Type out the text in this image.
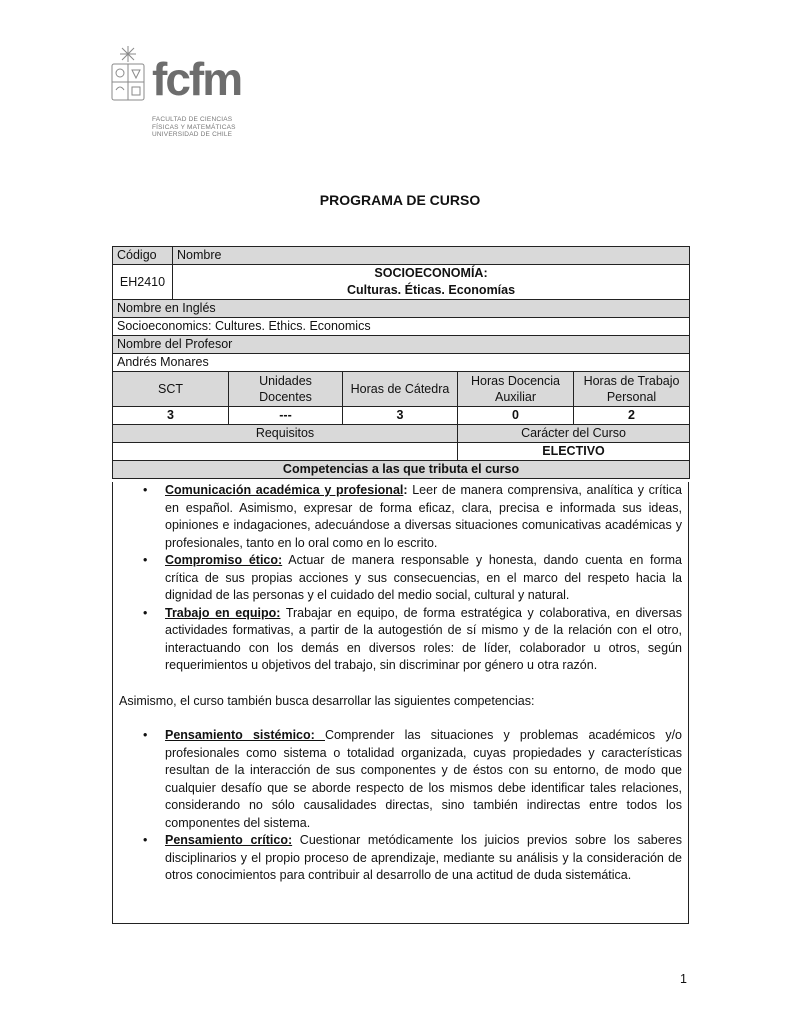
fcfm
FACULTAD DE CIENCIAS
FÍSICAS Y MATEMÁTICAS
UNIVERSIDAD DE CHILE
PROGRAMA DE CURSO
Código	Nombre				
EH2410	SOCIOECONOMÍA:
Culturas. Éticas. Economías				

Nombre en Inglés					
Socioeconomics: Cultures. Ethics. Economics					
Nombre del Profesor					
Andrés Monares					
SCT		Unidades Docentes	Horas de Cátedra	Horas Docencia Auxiliar	Horas de Trabajo Personal
3		---	3	0	2
Requisitos				Carácter del Curso	
				ELECTIVO	
Competencias a las que tributa el curso					
• Comunicación académica y profesional: Leer de manera comprensiva, analítica y crítica en español. Asimismo, expresar de forma eficaz, clara, precisa e informada sus ideas, opiniones e indagaciones, adecuándose a diversas situaciones comunicativas académicas y profesionales, tanto en lo oral como en lo escrito.
• Compromiso ético: Actuar de manera responsable y honesta, dando cuenta en forma crítica de sus propias acciones y sus consecuencias, en el marco del respeto hacia la dignidad de las personas y el cuidado del medio social, cultural y natural.
• Trabajo en equipo: Trabajar en equipo, de forma estratégica y colaborativa, en diversas actividades formativas, a partir de la autogestión de sí mismo y de la relación con el otro, interactuando con los demás en diversos roles: de líder, colaborador u otros, según requerimientos u objetivos del trabajo, sin discriminar por género u otra razón.
Asimismo, el curso también busca desarrollar las siguientes competencias:
• Pensamiento sistémico: Comprender las situaciones y problemas académicos y/o profesionales como sistema o totalidad organizada, cuyas propiedades y características resultan de la interacción de sus componentes y de éstos con su entorno, de modo que cualquier desafío que se aborde respecto de los mismos debe identificar tales relaciones, considerando no sólo causalidades directas, sino también indirectas entre todos los componentes del sistema.
• Pensamiento crítico: Cuestionar metódicamente los juicios previos sobre los saberes disciplinarios y el propio proceso de aprendizaje, mediante su análisis y la consideración de otros conocimientos para contribuir al desarrollo de una actitud de duda sistemática.
1
